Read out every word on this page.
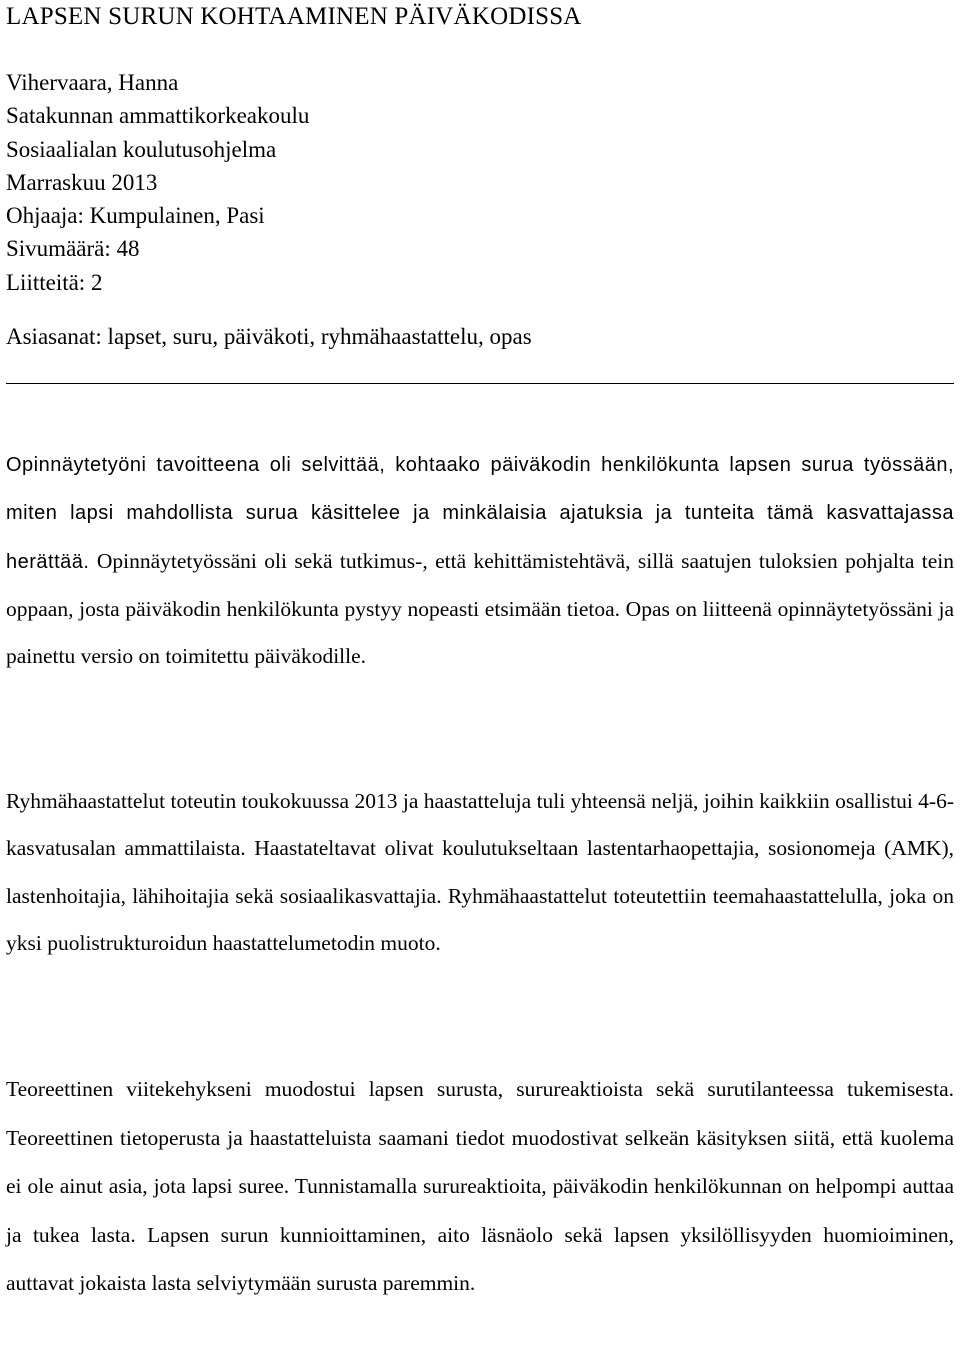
LAPSEN SURUN KOHTAAMINEN PÄIVÄKODISSA
Vihervaara, Hanna
Satakunnan ammattikorkeakoulu
Sosiaalialan koulutusohjelma
Marraskuu 2013
Ohjaaja: Kumpulainen, Pasi
Sivumäärä: 48
Liitteitä: 2
Asiasanat: lapset, suru, päiväkoti, ryhmähaastattelu, opas
Opinnäytetyöni tavoitteena oli selvittää, kohtaako päiväkodin henkilökunta lapsen surua työssään, miten lapsi mahdollista surua käsittelee ja minkälaisia ajatuksia ja tunteita tämä kasvattajassa herättää. Opinnäytetyössäni oli sekä tutkimus-, että kehittämistehtävä, sillä saatujen tuloksien pohjalta tein oppaan, josta päiväkodin henkilökunta pystyy nopeasti etsimään tietoa. Opas on liitteenä opinnäytetyössäni ja painettu versio on toimitettu päiväkodille.
Ryhmähaastattelut toteutin toukokuussa 2013 ja haastatteluja tuli yhteensä neljä, joihin kaikkiin osallistui 4-6-kasvatusalan ammattilaista. Haastateltavat olivat koulutukseltaan lastentarhaopettajia, sosionomeja (AMK), lastenhoitajia, lähihoitajia sekä sosiaalikasvattajia. Ryhmähaastattelut toteutettiin teemahaastattelulla, joka on yksi puolistrukturoidun haastattelumetodin muoto.
Teoreettinen viitekehykseni muodostui lapsen surusta, surureaktioista sekä surutilanteessa tukemisesta. Teoreettinen tietoperusta ja haastatteluista saamani tiedot muodostivat selkeän käsityksen siitä, että kuolema ei ole ainut asia, jota lapsi suree. Tunnistamalla surureaktioita, päiväkodin henkilökunnan on helpompi auttaa ja tukea lasta. Lapsen surun kunnioittaminen, aito läsnäolo sekä lapsen yksilöllisyyden huomioiminen, auttavat jokaista lasta selviytymään surusta paremmin.
